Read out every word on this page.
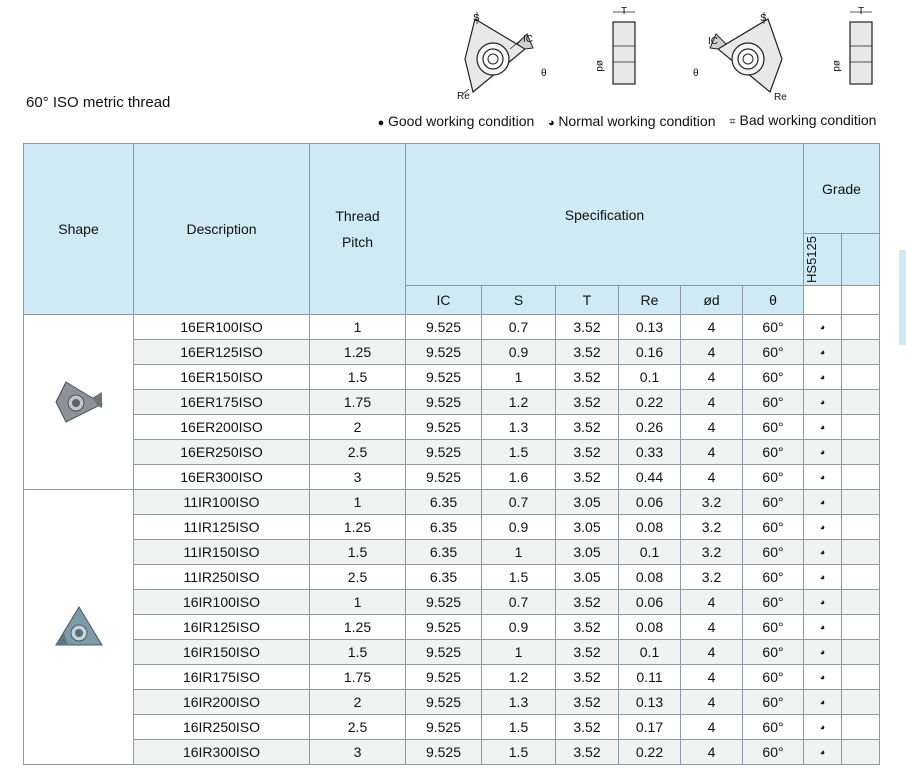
60° ISO metric thread
S
IC
θ
Re
T
ød
S
IC
θ
Re
T
ød
● Good working condition ◕ Normal working condition ⌗ Bad working condition
Shape	Description	Thread Pitch	Specification						Grade	

									HS5125	

			IC	S	T	Re	ød	θ		

	16ER100ISO	1	9.525	0.7	3.52	0.13	4	60°	◕	
	16ER125ISO	1.25	9.525	0.9	3.52	0.16	4	60°	◕	
	16ER150ISO	1.5	9.525	1	3.52	0.1	4	60°	◕	
	16ER175ISO	1.75	9.525	1.2	3.52	0.22	4	60°	◕	
	16ER200ISO	2	9.525	1.3	3.52	0.26	4	60°	◕	
	16ER250ISO	2.5	9.525	1.5	3.52	0.33	4	60°	◕	
	16ER300ISO	3	9.525	1.6	3.52	0.44	4	60°	◕	

	11IR100ISO	1	6.35	0.7	3.05	0.06	3.2	60°	◕	
	11IR125ISO	1.25	6.35	0.9	3.05	0.08	3.2	60°	◕	
	11IR150ISO	1.5	6.35	1	3.05	0.1	3.2	60°	◕	
	11IR250ISO	2.5	6.35	1.5	3.05	0.08	3.2	60°	◕	
	16IR100ISO	1	9.525	0.7	3.52	0.06	4	60°	◕	
	16IR125ISO	1.25	9.525	0.9	3.52	0.08	4	60°	◕	
	16IR150ISO	1.5	9.525	1	3.52	0.1	4	60°	◕	
	16IR175ISO	1.75	9.525	1.2	3.52	0.11	4	60°	◕	
	16IR200ISO	2	9.525	1.3	3.52	0.13	4	60°	◕	
	16IR250ISO	2.5	9.525	1.5	3.52	0.17	4	60°	◕	
	16IR300ISO	3	9.525	1.5	3.52	0.22	4	60°	◕	
